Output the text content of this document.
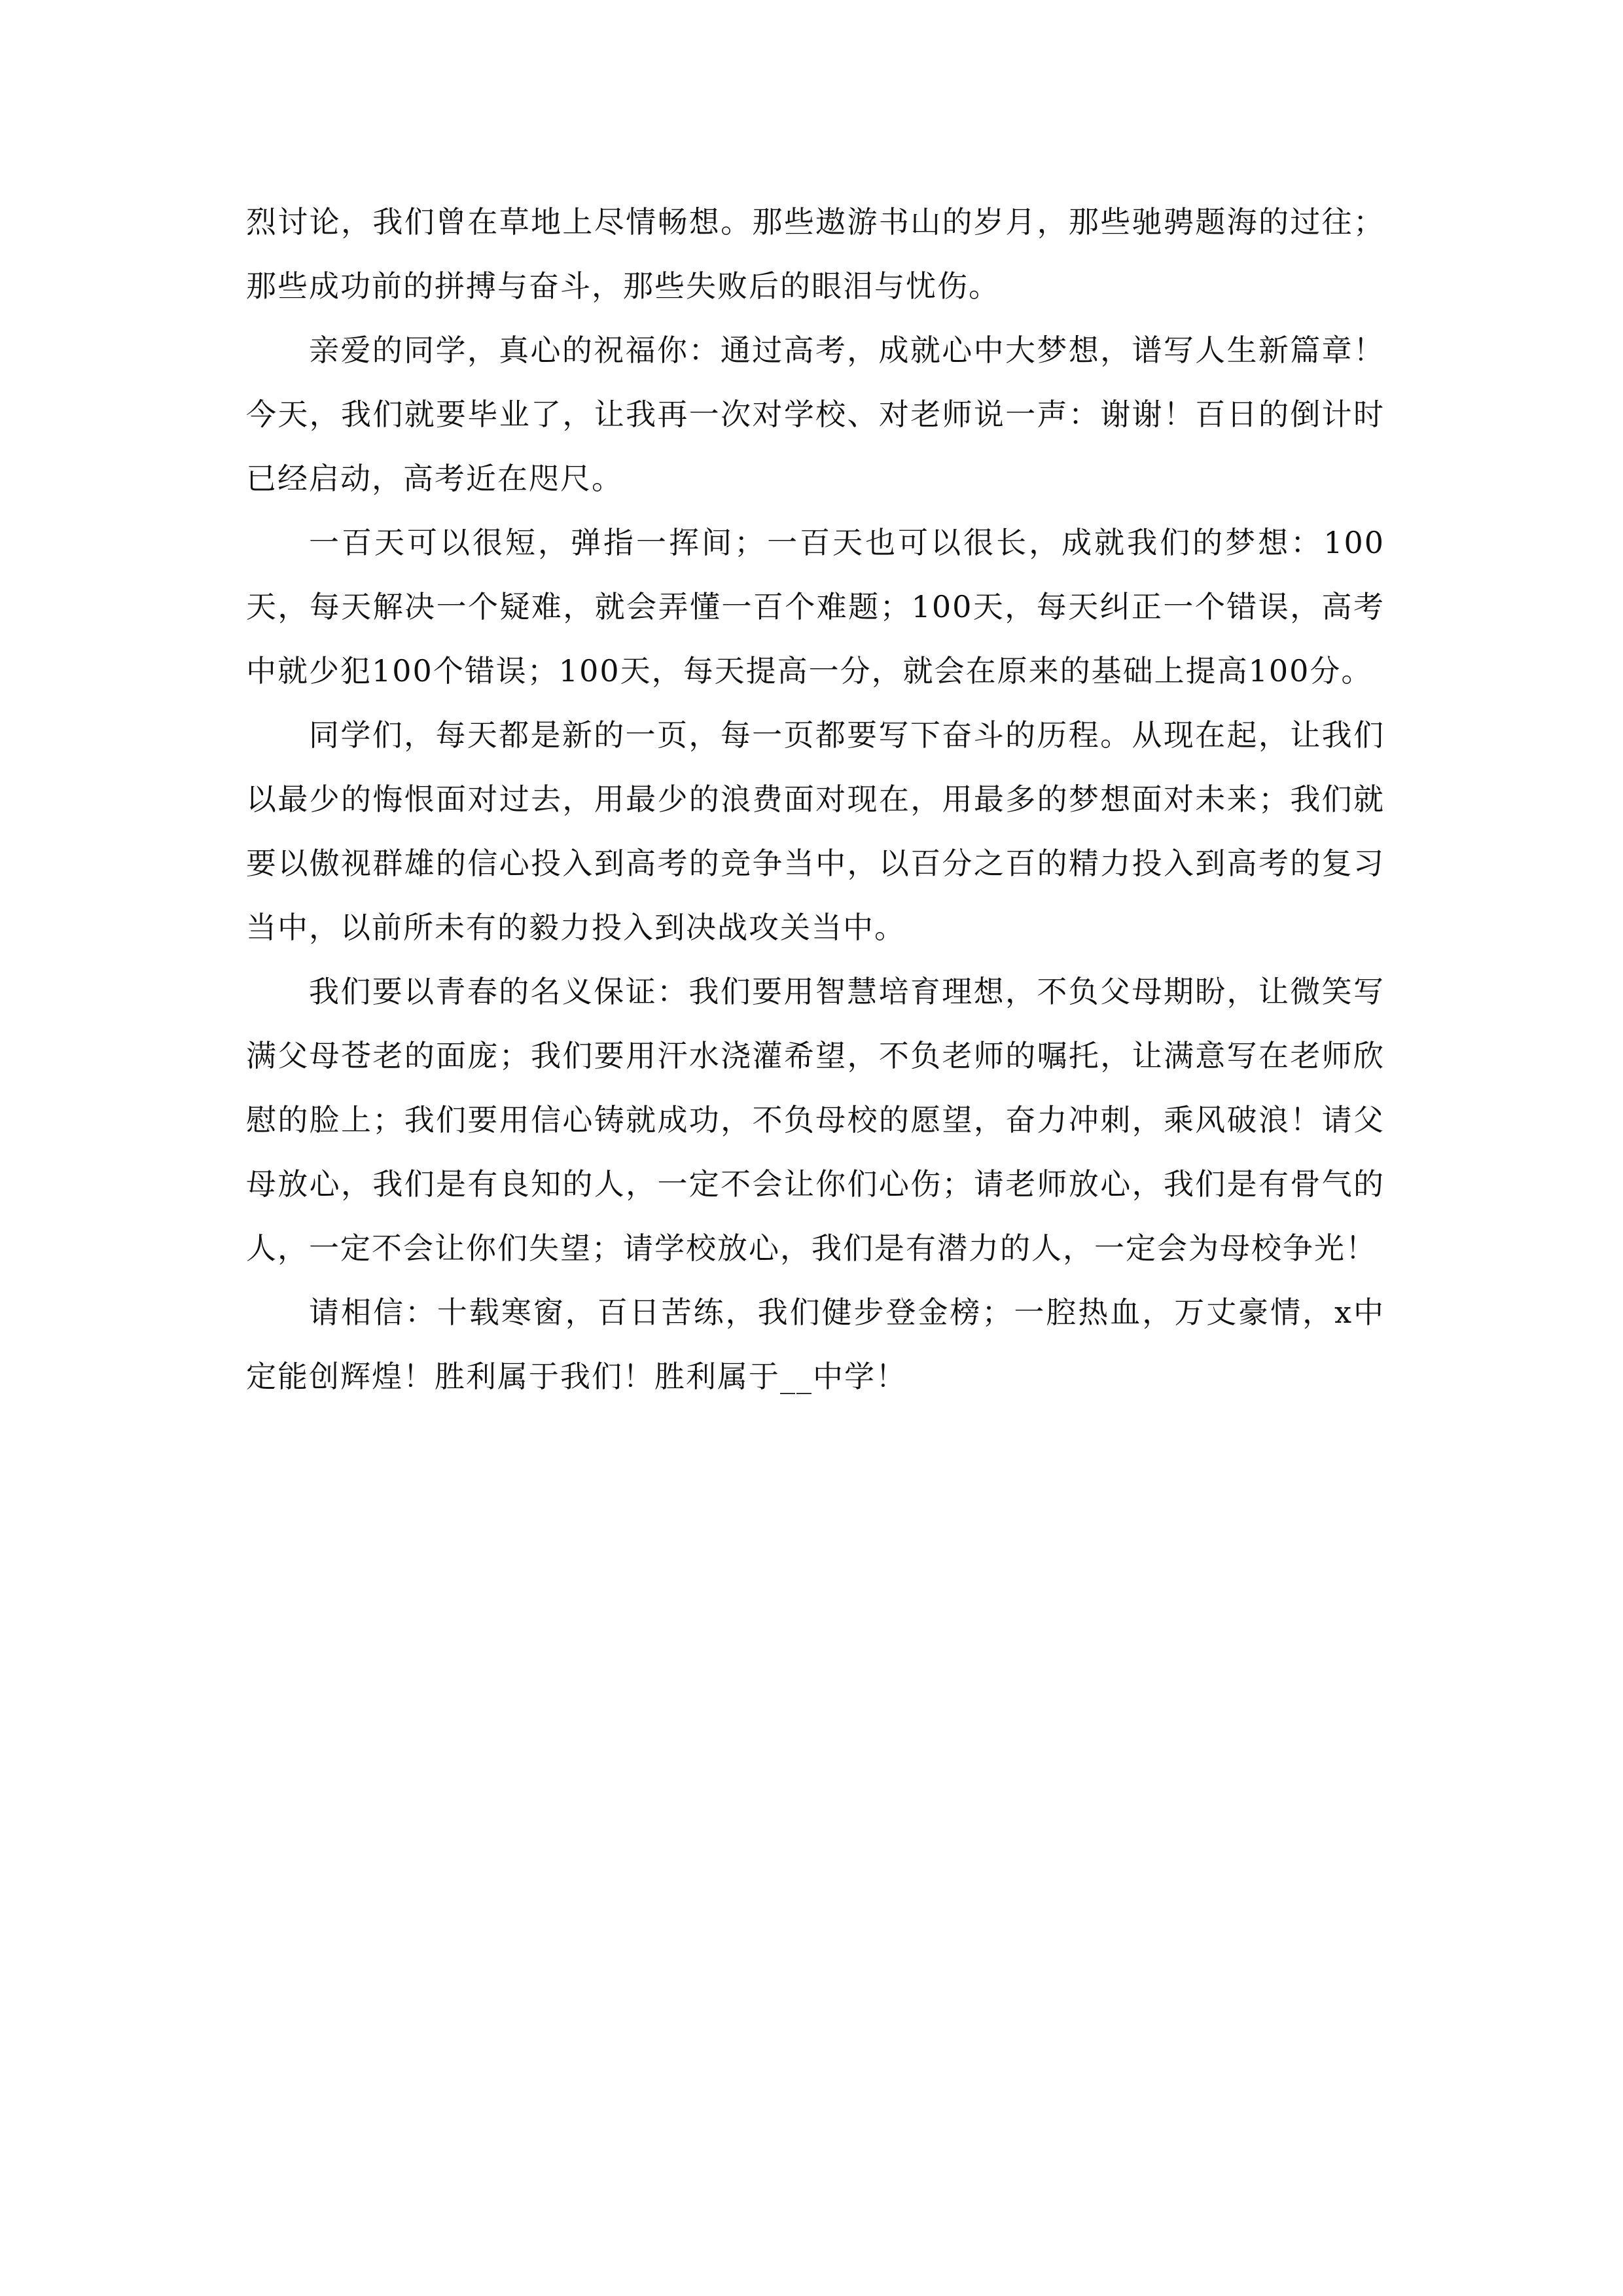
烈讨论，我们曾在草地上尽情畅想。那些遨游书山的岁月，那些驰骋题海的过往；那些成功前的拼搏与奋斗，那些失败后的眼泪与忧伤。

亲爱的同学，真心的祝福你：通过高考，成就心中大梦想，谱写人生新篇章！今天，我们就要毕业了，让我再一次对学校、对老师说一声：谢谢！百日的倒计时已经启动，高考近在咫尺。

一百天可以很短，弹指一挥间；一百天也可以很长，成就我们的梦想：100天，每天解决一个疑难，就会弄懂一百个难题；100天，每天纠正一个错误，高考中就少犯100个错误；100天，每天提高一分，就会在原来的基础上提高100分。

同学们，每天都是新的一页，每一页都要写下奋斗的历程。从现在起，让我们以最少的悔恨面对过去，用最少的浪费面对现在，用最多的梦想面对未来；我们就要以傲视群雄的信心投入到高考的竞争当中，以百分之百的精力投入到高考的复习当中，以前所未有的毅力投入到决战攻关当中。

我们要以青春的名义保证：我们要用智慧培育理想，不负父母期盼，让微笑写满父母苍老的面庞；我们要用汗水浇灌希望，不负老师的嘱托，让满意写在老师欣慰的脸上；我们要用信心铸就成功，不负母校的愿望，奋力冲刺，乘风破浪！请父母放心，我们是有良知的人，一定不会让你们心伤；请老师放心，我们是有骨气的人，一定不会让你们失望；请学校放心，我们是有潜力的人，一定会为母校争光！

请相信：十载寒窗，百日苦练，我们健步登金榜；一腔热血，万丈豪情，x中定能创辉煌！胜利属于我们！胜利属于__中学！
